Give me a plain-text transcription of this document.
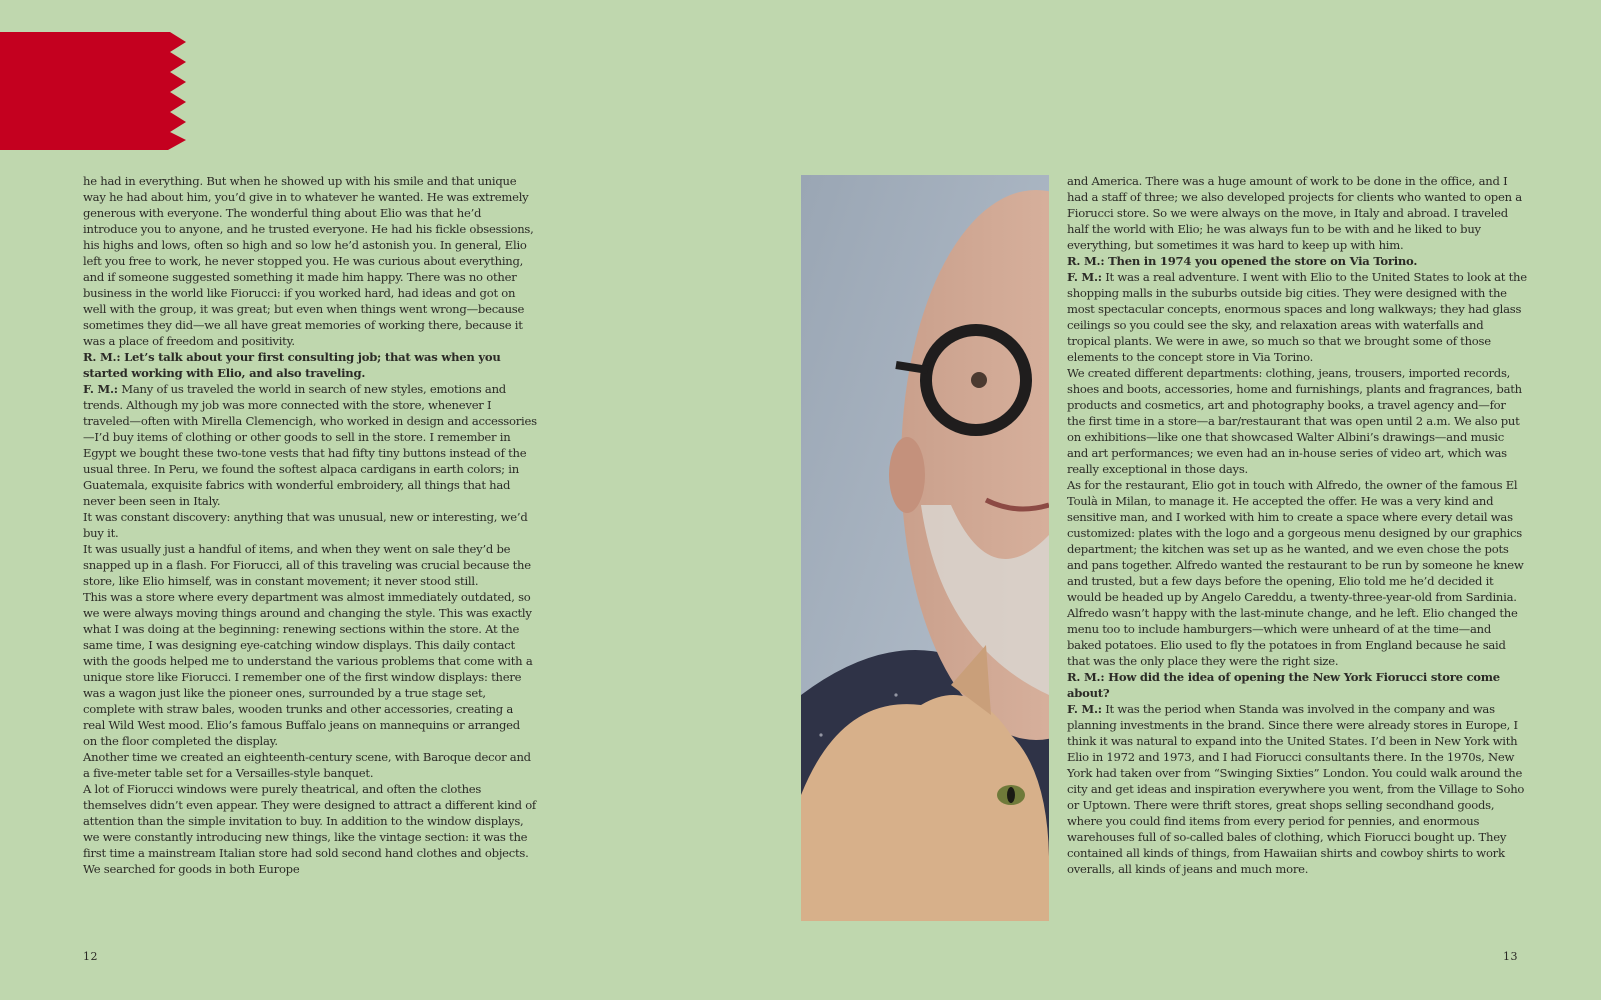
he had in everything. But when he showed up with his smile and that unique way he had about him, you’d give in to whatever he wanted. He was extremely generous with everyone. The wonderful thing about Elio was that he’d introduce you to anyone, and he trusted everyone. He had his fickle obsessions, his highs and lows, often so high and so low he’d astonish you. In general, Elio left you free to work, he never stopped you. He was curious about everything, and if someone suggested something it made him happy. There was no other business in the world like Fiorucci: if you worked hard, had ideas and got on well with the group, it was great; but even when things went wrong—because sometimes they did—we all have great memories of working there, because it was a place of freedom and positivity.

R. M.: Let’s talk about your first consulting job; that was when you started working with Elio, and also traveling.

F. M.: Many of us traveled the world in search of new styles, emotions and trends. Although my job was more connected with the store, whenever I traveled—often with Mirella Clemencigh, who worked in design and accessories—I’d buy items of clothing or other goods to sell in the store. I remember in Egypt we bought these two-tone vests that had fifty tiny buttons instead of the usual three. In Peru, we found the softest alpaca cardigans in earth colors; in Guatemala, exquisite fabrics with wonderful embroidery, all things that had never been seen in Italy.

It was constant discovery: anything that was unusual, new or interesting, we’d buy it.

It was usually just a handful of items, and when they went on sale they’d be snapped up in a flash. For Fiorucci, all of this traveling was crucial because the store, like Elio himself, was in constant movement; it never stood still.

This was a store where every department was almost immediately outdated, so we were always moving things around and changing the style. This was exactly what I was doing at the beginning: renewing sections within the store. At the same time, I was designing eye-catching window displays. This daily contact with the goods helped me to understand the various problems that come with a unique store like Fiorucci. I remember one of the first window displays: there was a wagon just like the pioneer ones, surrounded by a true stage set, complete with straw bales, wooden trunks and other accessories, creating a real Wild West mood. Elio’s famous Buffalo jeans on mannequins or arranged on the floor completed the display.

Another time we created an eighteenth-century scene, with Baroque decor and a five-meter table set for a Versailles-style banquet.

A lot of Fiorucci windows were purely theatrical, and often the clothes themselves didn’t even appear. They were designed to attract a different kind of attention than the simple invitation to buy. In addition to the window displays, we were constantly introducing new things, like the vintage section: it was the first time a mainstream Italian store had sold second hand clothes and objects. We searched for goods in both Europe

and America. There was a huge amount of work to be done in the office, and I had a staff of three; we also developed projects for clients who wanted to open a Fiorucci store. So we were always on the move, in Italy and abroad. I traveled half the world with Elio; he was always fun to be with and he liked to buy everything, but sometimes it was hard to keep up with him.

R. M.: Then in 1974 you opened the store on Via Torino.

F. M.: It was a real adventure. I went with Elio to the United States to look at the shopping malls in the suburbs outside big cities. They were designed with the most spectacular concepts, enormous spaces and long walkways; they had glass ceilings so you could see the sky, and relaxation areas with waterfalls and tropical plants. We were in awe, so much so that we brought some of those elements to the concept store in Via Torino.

We created different departments: clothing, jeans, trousers, imported records, shoes and boots, accessories, home and furnishings, plants and fragrances, bath products and cosmetics, art and photography books, a travel agency and—for the first time in a store—a bar/restaurant that was open until 2 a.m. We also put on exhibitions—like one that showcased Walter Albini’s drawings—and music and art performances; we even had an in-house series of video art, which was really exceptional in those days.

As for the restaurant, Elio got in touch with Alfredo, the owner of the famous El Toulà in Milan, to manage it. He accepted the offer. He was a very kind and sensitive man, and I worked with him to create a space where every detail was customized: plates with the logo and a gorgeous menu designed by our graphics department; the kitchen was set up as he wanted, and we even chose the pots and pans together. Alfredo wanted the restaurant to be run by someone he knew and trusted, but a few days before the opening, Elio told me he’d decided it would be headed up by Angelo Careddu, a twenty-three-year-old from Sardinia. Alfredo wasn’t happy with the last-minute change, and he left. Elio changed the menu too to include hamburgers—which were unheard of at the time—and baked potatoes. Elio used to fly the potatoes in from England because he said that was the only place they were the right size.

R. M.: How did the idea of opening the New York Fiorucci store come about?

F. M.: It was the period when Standa was involved in the company and was planning investments in the brand. Since there were already stores in Europe, I think it was natural to expand into the United States. I’d been in New York with Elio in 1972 and 1973, and I had Fiorucci consultants there. In the 1970s, New York had taken over from “Swinging Sixties” London. You could walk around the city and get ideas and inspiration everywhere you went, from the Village to Soho or Uptown. There were thrift stores, great shops selling secondhand goods, where you could find items from every period for pennies, and enormous warehouses full of so-called bales of clothing, which Fiorucci bought up. They contained all kinds of things, from Hawaiian shirts and cowboy shirts to work overalls, all kinds of jeans and much more.

12	13
